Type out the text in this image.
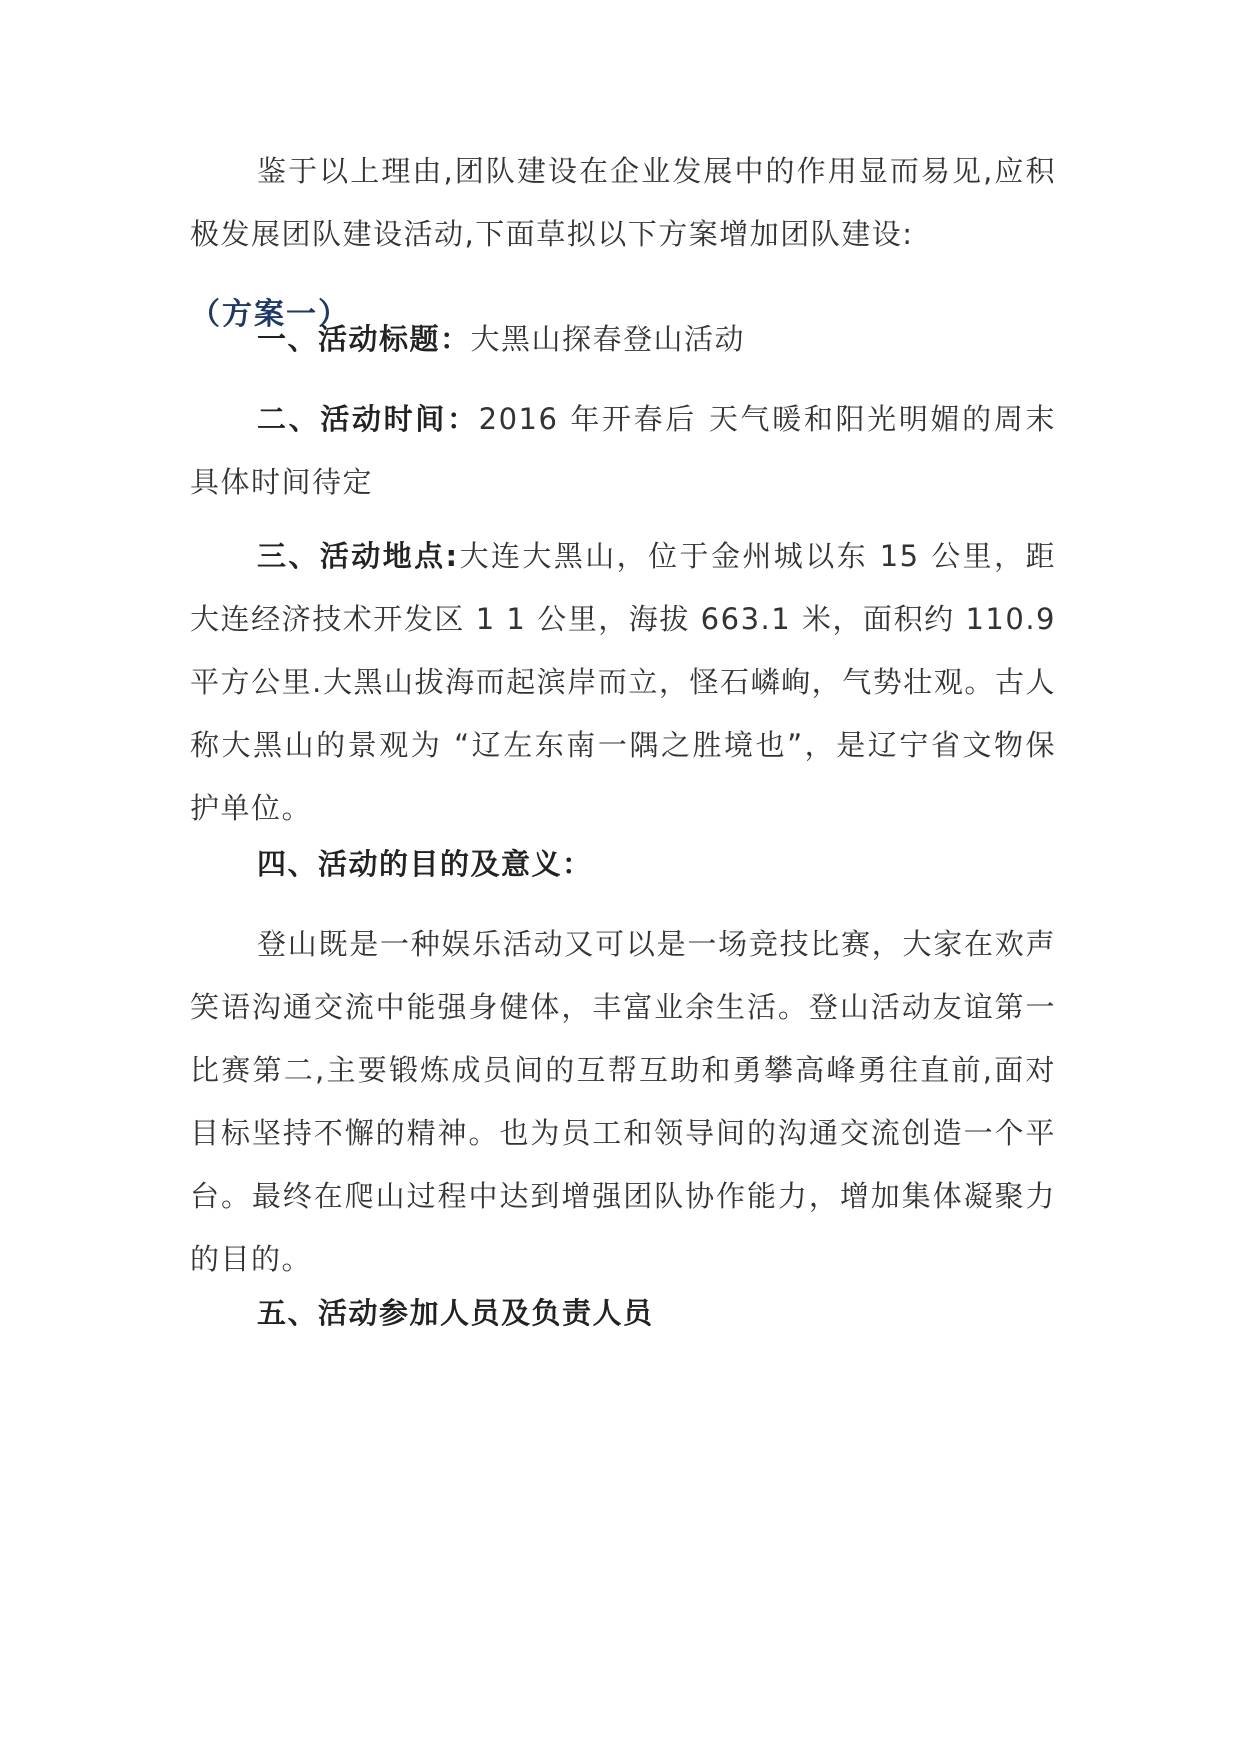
鉴于以上理由,团队建设在企业发展中的作用显而易见,应积极发展团队建设活动,下面草拟以下方案增加团队建设:

（方案一）

一、活动标题：大黑山探春登山活动

二、活动时间：2016 年开春后 天气暖和阳光明媚的周末 具体时间待定

三、活动地点:大连大黑山，位于金州城以东 15 公里，距大连经济技术开发区 1 1 公里，海拔 663.1 米，面积约 110.9 平方公里.大黑山拔海而起滨岸而立，怪石嶙峋，气势壮观。古人称大黑山的景观为 “辽左东南一隅之胜境也”，是辽宁省文物保护单位。

四、活动的目的及意义：

登山既是一种娱乐活动又可以是一场竞技比赛，大家在欢声笑语沟通交流中能强身健体，丰富业余生活。登山活动友谊第一比赛第二,主要锻炼成员间的互帮互助和勇攀高峰勇往直前,面对目标坚持不懈的精神。也为员工和领导间的沟通交流创造一个平台。最终在爬山过程中达到增强团队协作能力，增加集体凝聚力的目的。

五、活动参加人员及负责人员
